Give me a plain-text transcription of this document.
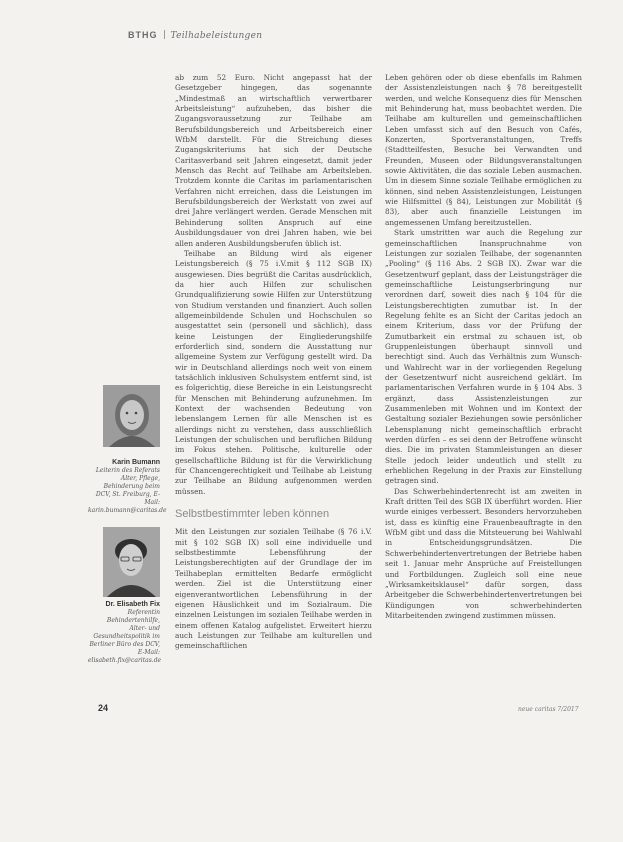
BTHG Teilhabeleistungen

ab zum 52 Euro. Nicht angepasst hat der Gesetzgeber hingegen, das sogenannte „Mindestmaß an wirtschaftlich verwertbarer Arbeitsleistung“ aufzuheben, das bisher die Zugangsvoraussetzung zur Teilhabe am Berufsbildungsbereich und Arbeitsbereich einer WfbM darstellt. Für die Streichung dieses Zugangskriteriums hat sich der Deutsche Caritasverband seit Jahren eingesetzt, damit jeder Mensch das Recht auf Teilhabe am Arbeitsleben. Trotzdem konnte die Caritas im parlamentarischen Verfahren nicht erreichen, dass die Leistungen im Berufsbildungsbereich der Werkstatt von zwei auf drei Jahre verlängert werden. Gerade Menschen mit Behinderung sollten Anspruch auf eine Ausbildungsdauer von drei Jahren haben, wie bei allen anderen Ausbildungsberufen üblich ist.

Teilhabe an Bildung wird als eigener Leistungsbereich (§ 75 i.V.mit § 112 SGB IX) ausgewiesen. Dies begrüßt die Caritas ausdrücklich, da hier auch Hilfen zur schulischen Grundqualifizierung sowie Hilfen zur Unterstützung von Studium verstanden und finanziert. Auch sollen allgemeinbildende Schulen und Hochschulen so ausgestattet sein (personell und sächlich), dass keine Leistungen der Eingliederungshilfe erforderlich sind, sondern die Ausstattung nur allgemeine System zur Verfügung gestellt wird. Da wir in Deutschland allerdings noch weit von einem tatsächlich inklusiven Schulsystem entfernt sind, ist es folgerichtig, diese Bereiche in ein Leistungsrecht für Menschen mit Behinderung aufzunehmen. Im Kontext der wachsenden Bedeutung von lebenslangem Lernen für alle Menschen ist es allerdings nicht zu verstehen, dass ausschließlich Leistungen der schulischen und beruflichen Bildung im Fokus stehen. Politische, kulturelle oder gesellschaftliche Bildung ist für die Verwirklichung für Chancengerechtigkeit und Teilhabe ab Leistung zur Teilhabe an Bildung aufgenommen werden müssen.

Selbstbestimmter leben können

Mit den Leistungen zur sozialen Teilhabe (§ 76 i.V. mit § 102 SGB IX) soll eine individuelle und selbstbestimmte Lebensführung der Leistungsberechtigten auf der Grundlage der im Teilhabeplan ermittelten Bedarfe ermöglicht werden. Ziel ist die Unterstützung einer eigenverantwortlichen Lebensführung in der eigenen Häuslichkeit und im Sozialraum. Die einzelnen Leistungen im sozialen Teilhabe werden in einem offenen Katalog aufgelistet. Erweitert hierzu auch Leistungen zur Teilhabe am kulturellen und gemeinschaftlichen

Leben gehören oder ob diese ebenfalls im Rahmen der Assistenzleistungen nach § 78 bereitgestellt werden, und welche Konsequenz dies für Menschen mit Behinderung hat, muss beobachtet werden. Die Teilhabe am kulturellen und gemeinschaftlichen Leben umfasst sich auf den Besuch von Cafés, Konzerten, Sportveranstaltungen, Treffs (Stadtteilfesten, Besuche bei Verwandten und Freunden, Museen oder Bildungsveranstaltungen sowie Aktivitäten, die das soziale Leben ausmachen. Um in diesem Sinne soziale Teilhabe ermöglichen zu können, sind neben Assistenzleistungen, Leistungen wie Hilfsmittel (§ 84), Leistungen zur Mobilität (§ 83), aber auch finanzielle Leistungen im angemessenen Umfang bereitzustellen.

Stark umstritten war auch die Regelung zur gemeinschaftlichen Inanspruchnahme von Leistungen zur sozialen Teilhabe, der sogenannten „Pooling“ (§ 116 Abs. 2 SGB IX). Zwar war die Gesetzentwurf geplant, dass der Leistungsträger die gemeinschaftliche Leistungserbringung nur verordnen darf, soweit dies nach § 104 für die Leistungsberechtigten zumutbar ist. In der Regelung fehlte es an Sicht der Caritas jedoch an einem Kriterium, dass vor der Prüfung der Zumutbarkeit ein erstmal zu schauen ist, ob Gruppenleistungen überhaupt sinnvoll und berechtigt sind. Auch das Verhältnis zum Wunsch- und Wahlrecht war in der vorliegenden Regelung der Gesetzentwurf nicht ausreichend geklärt. Im parlamentarischen Verfahren wurde in § 104 Abs. 3 ergänzt, dass Assistenzleistungen zur Zusammenleben mit Wohnen und im Kontext der Gestaltung sozialer Beziehungen sowie persönlicher Lebensplanung nicht gemeinschaftlich erbracht werden dürfen – es sei denn der Betroffene wünscht dies. Die im privaten Stammleistungen an dieser Stelle jedoch leider undeutlich und stellt zu erheblichen Regelung in der Praxis zur Einstellung getragen sind.

Das Schwerbehindertenrecht ist am zweiten in Kraft dritten Teil des SGB IX überführt worden. Hier wurde einiges verbessert. Besonders hervorzuheben ist, dass es künftig eine Frauenbeauftragte in den WfbM gibt und dass die Mitsteuerung bei Wahlwahl in Entscheidungsgrundsätzen. Die Schwerbehindertenvertretungen der Betriebe haben seit 1. Januar mehr Ansprüche auf Freistellungen und Fortbildungen. Zugleich soll eine neue „Wirksamkeitsklausel“ dafür sorgen, dass Arbeitgeber die Schwerbehindertenvertretungen bei Kündigungen von schwerbehinderten Mitarbeitenden zwingend zustimmen müssen.

Karin Bumann
Leiterin des Referats Alter, Pflege, Behinderung beim DCV, St. Freiburg, E-Mail: karin.bumann@caritas.de
Dr. Elisabeth Fix
Referentin Behindertenhilfe, Alter- und Gesundheitspolitik im Berliner Büro des DCV, E-Mail: elisabeth.fix@caritas.de
24	neue caritas 7/2017
